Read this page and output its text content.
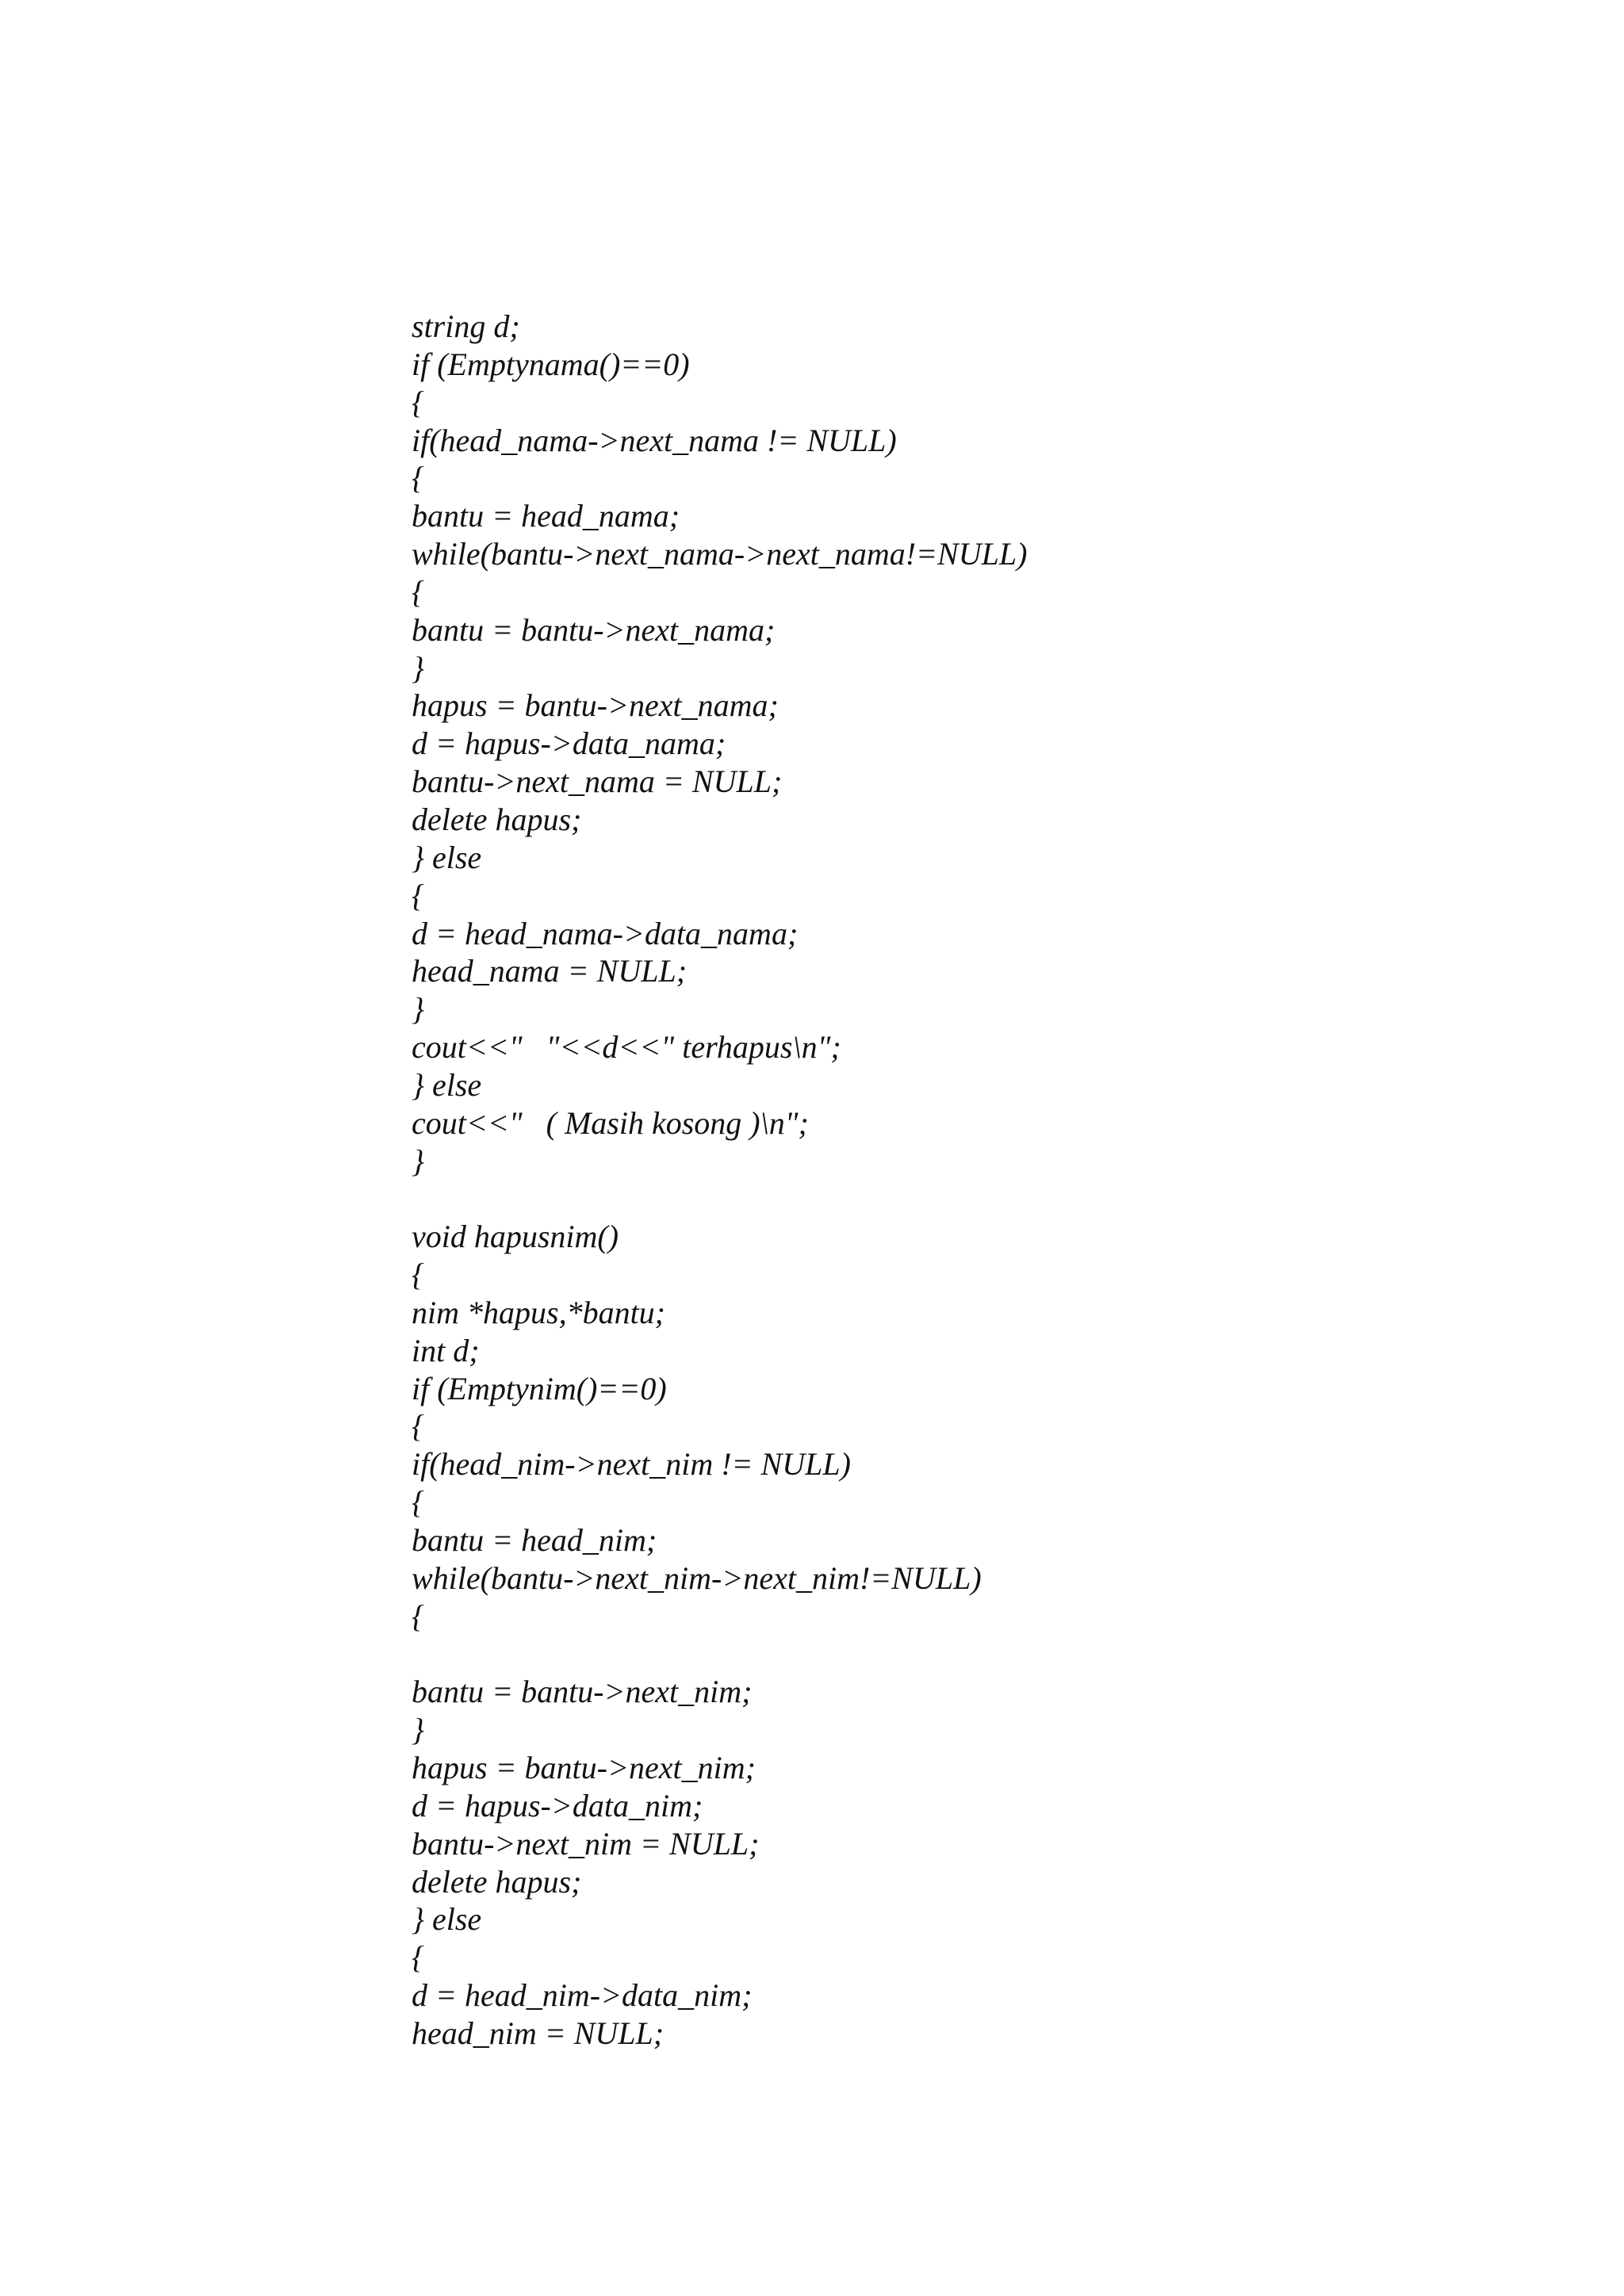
string d;
if (Emptynama()==0)
{
if(head_nama->next_nama != NULL)
{
bantu = head_nama;
while(bantu->next_nama->next_nama!=NULL)
{
bantu = bantu->next_nama;
}
hapus = bantu->next_nama;
d = hapus->data_nama;
bantu->next_nama = NULL;
delete hapus;
} else
{
d = head_nama->data_nama;
head_nama = NULL;
}
cout<<"   "<<d<<" terhapus\n";
} else
cout<<"   ( Masih kosong )\n";
}
void hapusnim()
{
nim *hapus,*bantu;
int d;
if (Emptynim()==0)
{
if(head_nim->next_nim != NULL)
{
bantu = head_nim;
while(bantu->next_nim->next_nim!=NULL)
{
bantu = bantu->next_nim;
}
hapus = bantu->next_nim;
d = hapus->data_nim;
bantu->next_nim = NULL;
delete hapus;
} else
{
d = head_nim->data_nim;
head_nim = NULL;
